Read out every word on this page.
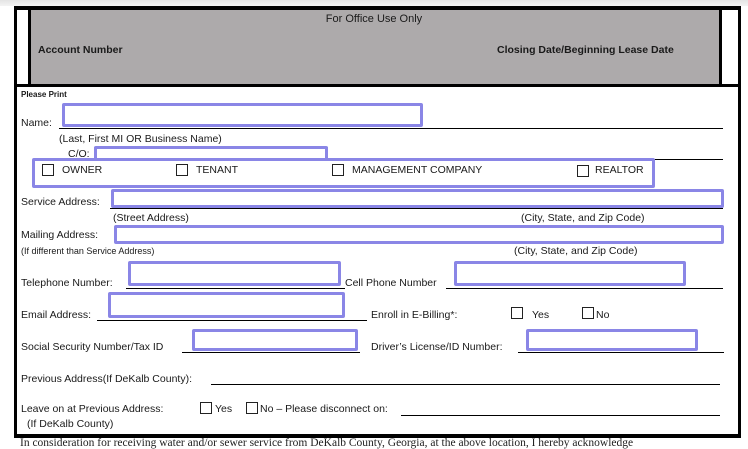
For Office Use Only
Account Number	Closing Date/Beginning Lease Date
Please Print
Name:
(Last, First MI OR Business Name)
C/O:
OWNER	TENANT	MANAGEMENT COMPANY	REALTOR
Service Address:
(Street Address)	(City, State, and Zip Code)
Mailing Address:
(If different than Service Address)	(City, State, and Zip Code)
Telephone Number:	Cell Phone Number
Email Address:	Enroll in E-Billing*:	Yes	No
Social Security Number/Tax ID	Driver’s License/ID Number:
Previous Address(If DeKalb County):
Leave on at Previous Address:
(If DeKalb County)
Yes	No – Please disconnect on:
In consideration for receiving water and/or sewer service from DeKalb County, Georgia, at the above location, I hereby acknowledge
